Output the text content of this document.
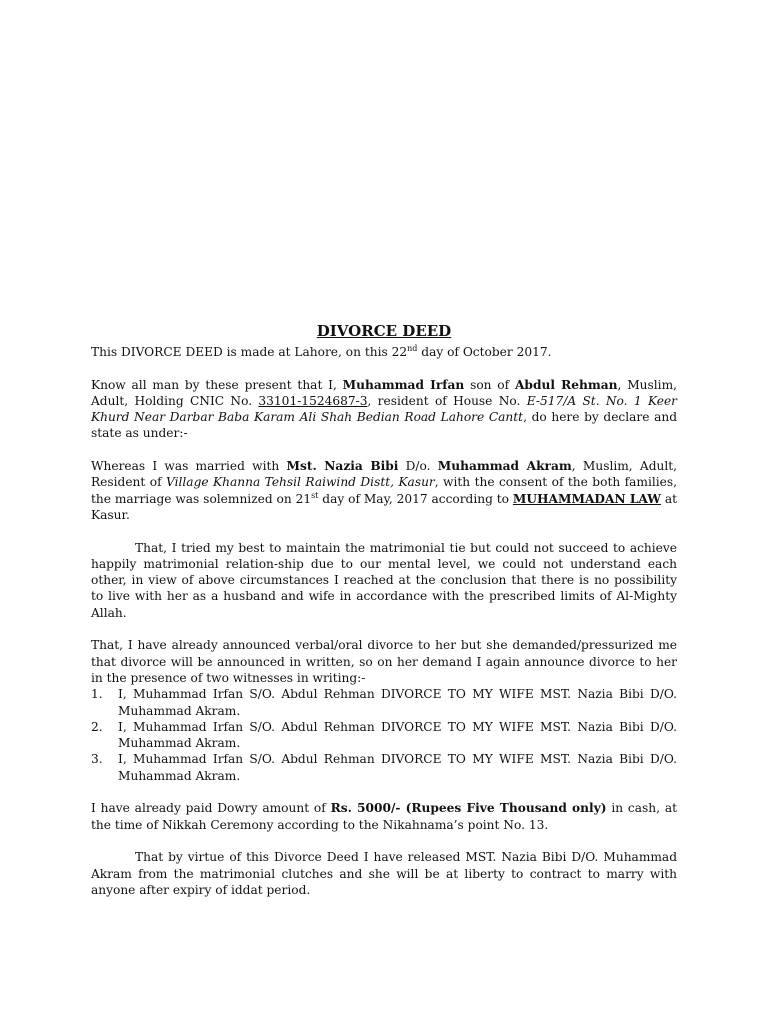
DIVORCE DEED

This DIVORCE DEED is made at Lahore, on this 22nd day of October 2017.

Know all man by these present that I, Muhammad Irfan son of Abdul Rehman, Muslim, Adult, Holding CNIC No. 33101-1524687-3, resident of House No. E-517/A St. No. 1 Keer Khurd Near Darbar Baba Karam Ali Shah Bedian Road Lahore Cantt, do here by declare and state as under:-

Whereas I was married with Mst. Nazia Bibi D/o. Muhammad Akram, Muslim, Adult, Resident of Village Khanna Tehsil Raiwind Distt, Kasur, with the consent of the both families, the marriage was solemnized on 21st day of May, 2017 according to MUHAMMADAN LAW at Kasur.

That, I tried my best to maintain the matrimonial tie but could not succeed to achieve happily matrimonial relation-ship due to our mental level, we could not understand each other, in view of above circumstances I reached at the conclusion that there is no possibility to live with her as a husband and wife in accordance with the prescribed limits of Al-Mighty Allah.

That, I have already announced verbal/oral divorce to her but she demanded/pressurized me that divorce will be announced in written, so on her demand I again announce divorce to her in the presence of two witnesses in writing:-

1. I, Muhammad Irfan S/O. Abdul Rehman DIVORCE TO MY WIFE MST. Nazia Bibi D/O. Muhammad Akram.
2. I, Muhammad Irfan S/O. Abdul Rehman DIVORCE TO MY WIFE MST. Nazia Bibi D/O. Muhammad Akram.
3. I, Muhammad Irfan S/O. Abdul Rehman DIVORCE TO MY WIFE MST. Nazia Bibi D/O. Muhammad Akram.

I have already paid Dowry amount of Rs. 5000/- (Rupees Five Thousand only) in cash, at the time of Nikkah Ceremony according to the Nikahnama’s point No. 13.

That by virtue of this Divorce Deed I have released MST. Nazia Bibi D/O. Muhammad Akram from the matrimonial clutches and she will be at liberty to contract to marry with anyone after expiry of iddat period.
